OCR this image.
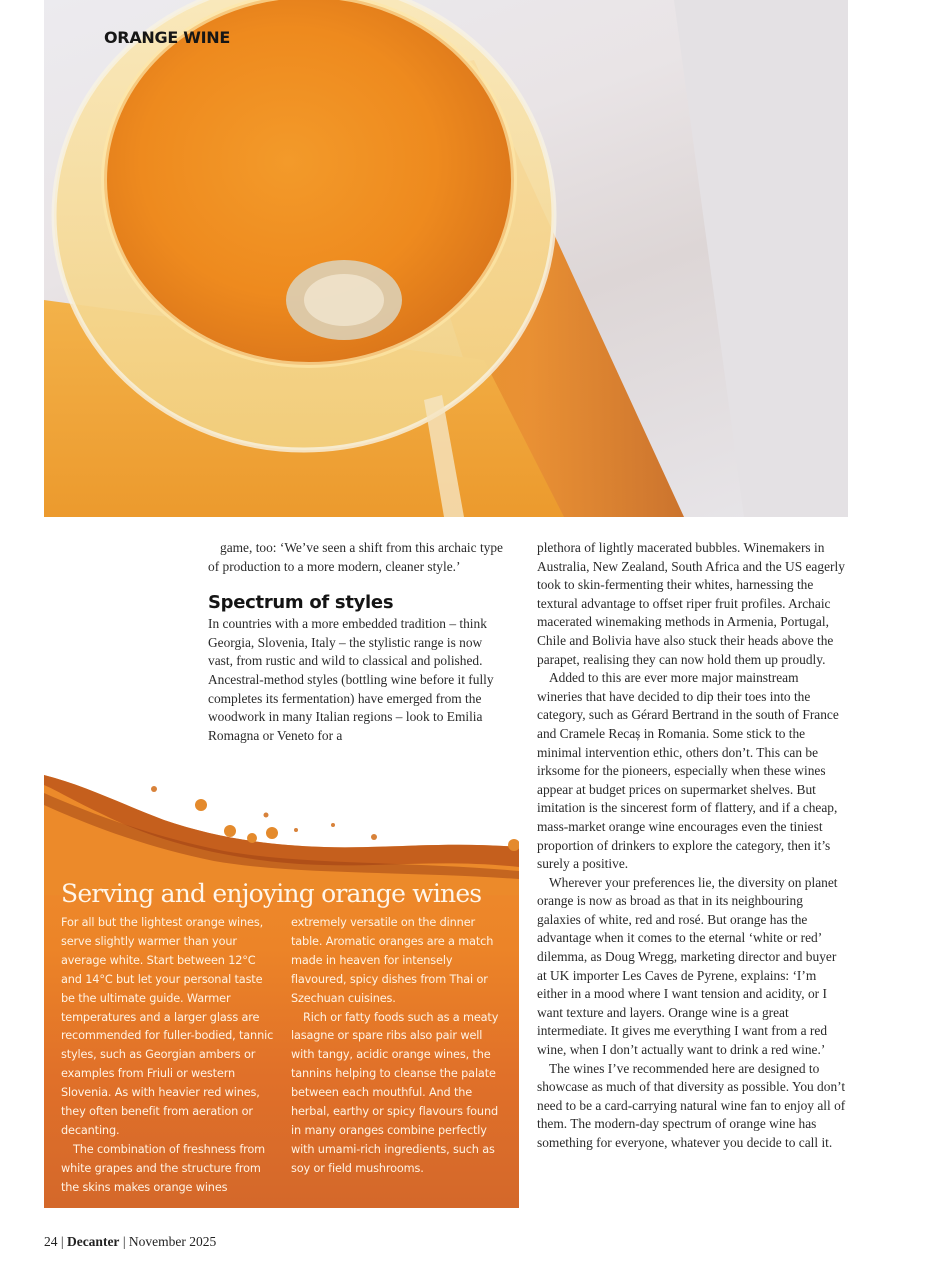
ORANGE WINE

game, too: ‘We’ve seen a shift from this archaic type of production to a more modern, cleaner style.’

Spectrum of styles

In countries with a more embedded tradition – think Georgia, Slovenia, Italy – the stylistic range is now vast, from rustic and wild to classical and polished. Ancestral-method styles (bottling wine before it fully completes its fermentation) have emerged from the woodwork in many Italian regions – look to Emilia Romagna or Veneto for a

plethora of lightly macerated bubbles. Winemakers in Australia, New Zealand, South Africa and the US eagerly took to skin-fermenting their whites, harnessing the textural advantage to offset riper fruit profiles. Archaic macerated winemaking methods in Armenia, Portugal, Chile and Bolivia have also stuck their heads above the parapet, realising they can now hold them up proudly.

Added to this are ever more major mainstream wineries that have decided to dip their toes into the category, such as Gérard Bertrand in the south of France and Cramele Recaș in Romania. Some stick to the minimal intervention ethic, others don’t. This can be irksome for the pioneers, especially when these wines appear at budget prices on supermarket shelves. But imitation is the sincerest form of flattery, and if a cheap, mass-market orange wine encourages even the tiniest proportion of drinkers to explore the category, then it’s surely a positive.

Wherever your preferences lie, the diversity on planet orange is now as broad as that in its neighbouring galaxies of white, red and rosé. But orange has the advantage when it comes to the eternal ‘white or red’ dilemma, as Doug Wregg, marketing director and buyer at UK importer Les Caves de Pyrene, explains: ‘I’m either in a mood where I want tension and acidity, or I want texture and layers. Orange wine is a great intermediate. It gives me everything I want from a red wine, when I don’t actually want to drink a red wine.’

The wines I’ve recommended here are designed to showcase as much of that diversity as possible. You don’t need to be a card-carrying natural wine fan to enjoy all of them. The modern-day spectrum of orange wine has something for everyone, whatever you decide to call it.

Serving and enjoying orange wines

For all but the lightest orange wines, serve slightly warmer than your average white. Start between 12°C and 14°C but let your personal taste be the ultimate guide. Warmer temperatures and a larger glass are recommended for fuller-bodied, tannic styles, such as Georgian ambers or examples from Friuli or western Slovenia. As with heavier red wines, they often benefit from aeration or decanting.

The combination of freshness from white grapes and the structure from the skins makes orange wines

extremely versatile on the dinner table. Aromatic oranges are a match made in heaven for intensely flavoured, spicy dishes from Thai or Szechuan cuisines.

Rich or fatty foods such as a meaty lasagne or spare ribs also pair well with tangy, acidic orange wines, the tannins helping to cleanse the palate between each mouthful. And the herbal, earthy or spicy flavours found in many oranges combine perfectly with umami-rich ingredients, such as soy or field mushrooms.

24 | Decanter | November 2025
